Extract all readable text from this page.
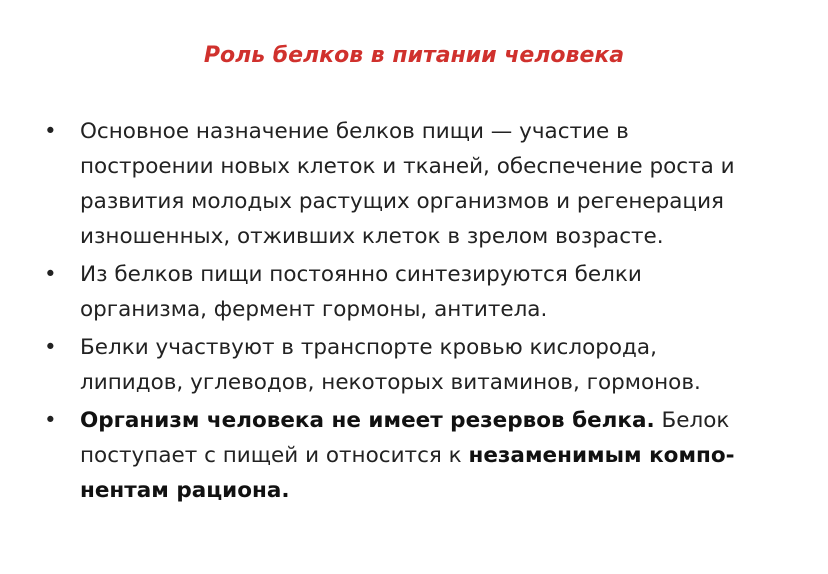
Роль белков в питании человека
• Основное назначение белков пищи — участие в
построении новых клеток и тканей, обеспечение роста и
развития молодых растущих организмов и регенерация
изношенных, отживших клеток в зрелом возрасте.
• Из белков пищи постоянно синтезируются белки
организма, фермент гормоны, антитела.
• Белки участвуют в транспорте кровью кислорода,
липидов, углеводов, некоторых витаминов, гормонов.
• Организм человека не имеет резервов белка. Белок
поступает с пищей и относится к незаменимым компо-
нентам рациона.
